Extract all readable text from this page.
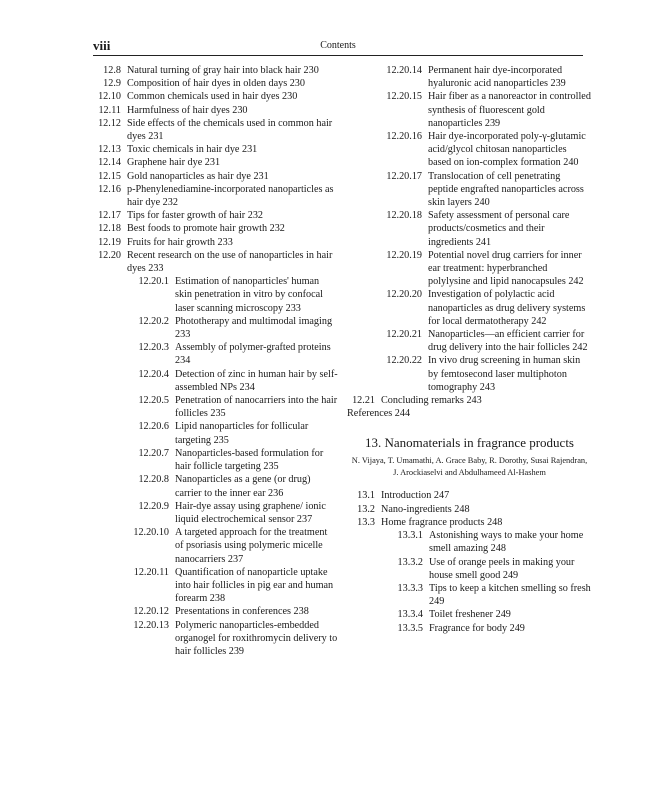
viii	Contents
12.8 Natural turning of gray hair into black hair 230
12.9 Composition of hair dyes in olden days 230
12.10 Common chemicals used in hair dyes 230
12.11 Harmfulness of hair dyes 230
12.12 Side effects of the chemicals used in common hair dyes 231
12.13 Toxic chemicals in hair dye 231
12.14 Graphene hair dye 231
12.15 Gold nanoparticles as hair dye 231
12.16 p-Phenylenediamine-incorporated nanoparticles as hair dye 232
12.17 Tips for faster growth of hair 232
12.18 Best foods to promote hair growth 232
12.19 Fruits for hair growth 233
12.20 Recent research on the use of nanoparticles in hair dyes 233
12.20.1 Estimation of nanoparticles' human skin penetration in vitro by confocal laser scanning microscopy 233
12.20.2 Phototherapy and multimodal imaging 233
12.20.3 Assembly of polymer-grafted proteins 234
12.20.4 Detection of zinc in human hair by self-assembled NPs 234
12.20.5 Penetration of nanocarriers into the hair follicles 235
12.20.6 Lipid nanoparticles for follicular targeting 235
12.20.7 Nanoparticles-based formulation for hair follicle targeting 235
12.20.8 Nanoparticles as a gene (or drug) carrier to the inner ear 236
12.20.9 Hair-dye assay using graphene/ ionic liquid electrochemical sensor 237
12.20.10 A targeted approach for the treatment of psoriasis using polymeric micelle nanocarriers 237
12.20.11 Quantification of nanoparticle uptake into hair follicles in pig ear and human forearm 238
12.20.12 Presentations in conferences 238
12.20.13 Polymeric nanoparticles-embedded organogel for roxithromycin delivery to hair follicles 239
12.20.14 Permanent hair dye-incorporated hyaluronic acid nanoparticles 239
12.20.15 Hair fiber as a nanoreactor in controlled synthesis of fluorescent gold nanoparticles 239
12.20.16 Hair dye-incorporated poly-γ-glutamic acid/glycol chitosan nanoparticles based on ion-complex formation 240
12.20.17 Translocation of cell penetrating peptide engrafted nanoparticles across skin layers 240
12.20.18 Safety assessment of personal care products/cosmetics and their ingredients 241
12.20.19 Potential novel drug carriers for inner ear treatment: hyperbranched polylysine and lipid nanocapsules 242
12.20.20 Investigation of polylactic acid nanoparticles as drug delivery systems for local dermatotherapy 242
12.20.21 Nanoparticles—an efficient carrier for drug delivery into the hair follicles 242
12.20.22 In vivo drug screening in human skin by femtosecond laser multiphoton tomography 243
12.21 Concluding remarks 243
References 244
13. Nanomaterials in fragrance products
N. Vijaya, T. Umamathi, A. Grace Baby, R. Dorothy, Susai Rajendran, J. Arockiaselvi and Abdulhameed Al-Hashem
13.1 Introduction 247
13.2 Nano-ingredients 248
13.3 Home fragrance products 248
13.3.1 Astonishing ways to make your home smell amazing 248
13.3.2 Use of orange peels in making your house smell good 249
13.3.3 Tips to keep a kitchen smelling so fresh 249
13.3.4 Toilet freshener 249
13.3.5 Fragrance for body 249
